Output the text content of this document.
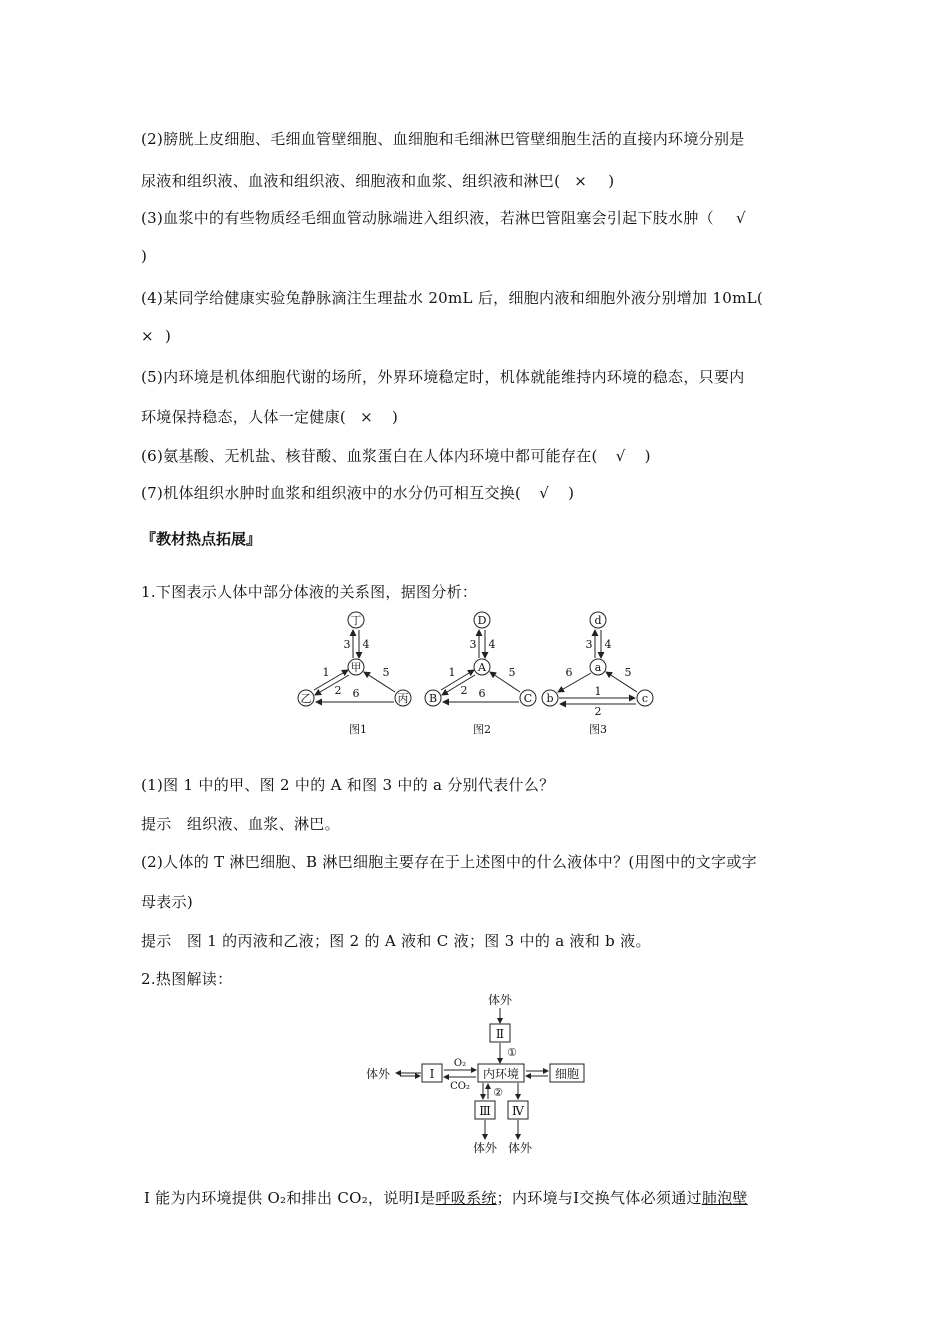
(2)膀胱上皮细胞、毛细血管壁细胞、血细胞和毛细淋巴管壁细胞生活的直接内环境分别是
尿液和组织液、血液和组织液、细胞液和血浆、组织液和淋巴( × )
(3)血浆中的有些物质经毛细血管动脉端进入组织液，若淋巴管阻塞会引起下肢水肿（ √
)
(4)某同学给健康实验兔静脉滴注生理盐水 20mL 后，细胞内液和细胞外液分别增加 10mL(
× )
(5)内环境是机体细胞代谢的场所，外界环境稳定时，机体就能维持内环境的稳态，只要内
环境保持稳态，人体一定健康( × )
(6)氨基酸、无机盐、核苷酸、血浆蛋白在人体内环境中都可能存在( √ )
(7)机体组织水肿时血浆和组织液中的水分仍可相互交换( √ )
『教材热点拓展』
1.下图表示人体中部分体液的关系图，据图分析：
丁
甲
乙	丙
3 4
1
2
5
6
图1
D
A
B	C
3 4
1
2
5
6
图2
d
a
b	c
3 4
6	5
1
2
图3
(1)图 1 中的甲、图 2 中的 A 和图 3 中的 a 分别代表什么？
提示　组织液、血浆、淋巴。
(2)人体的 T 淋巴细胞、B 淋巴细胞主要存在于上述图中的什么液体中？(用图中的文字或字
母表示)
提示　图 1 的丙液和乙液；图 2 的 A 液和 C 液；图 3 中的 a 液和 b 液。
2.热图解读：
体外
Ⅱ
①
体外	Ⅰ
O₂
CO₂
内环境	细胞
②
Ⅲ Ⅳ
体外 体外
Ⅰ 能为内环境提供 O₂和排出 CO₂，说明Ⅰ是呼吸系统；内环境与Ⅰ交换气体必须通过肺泡壁
